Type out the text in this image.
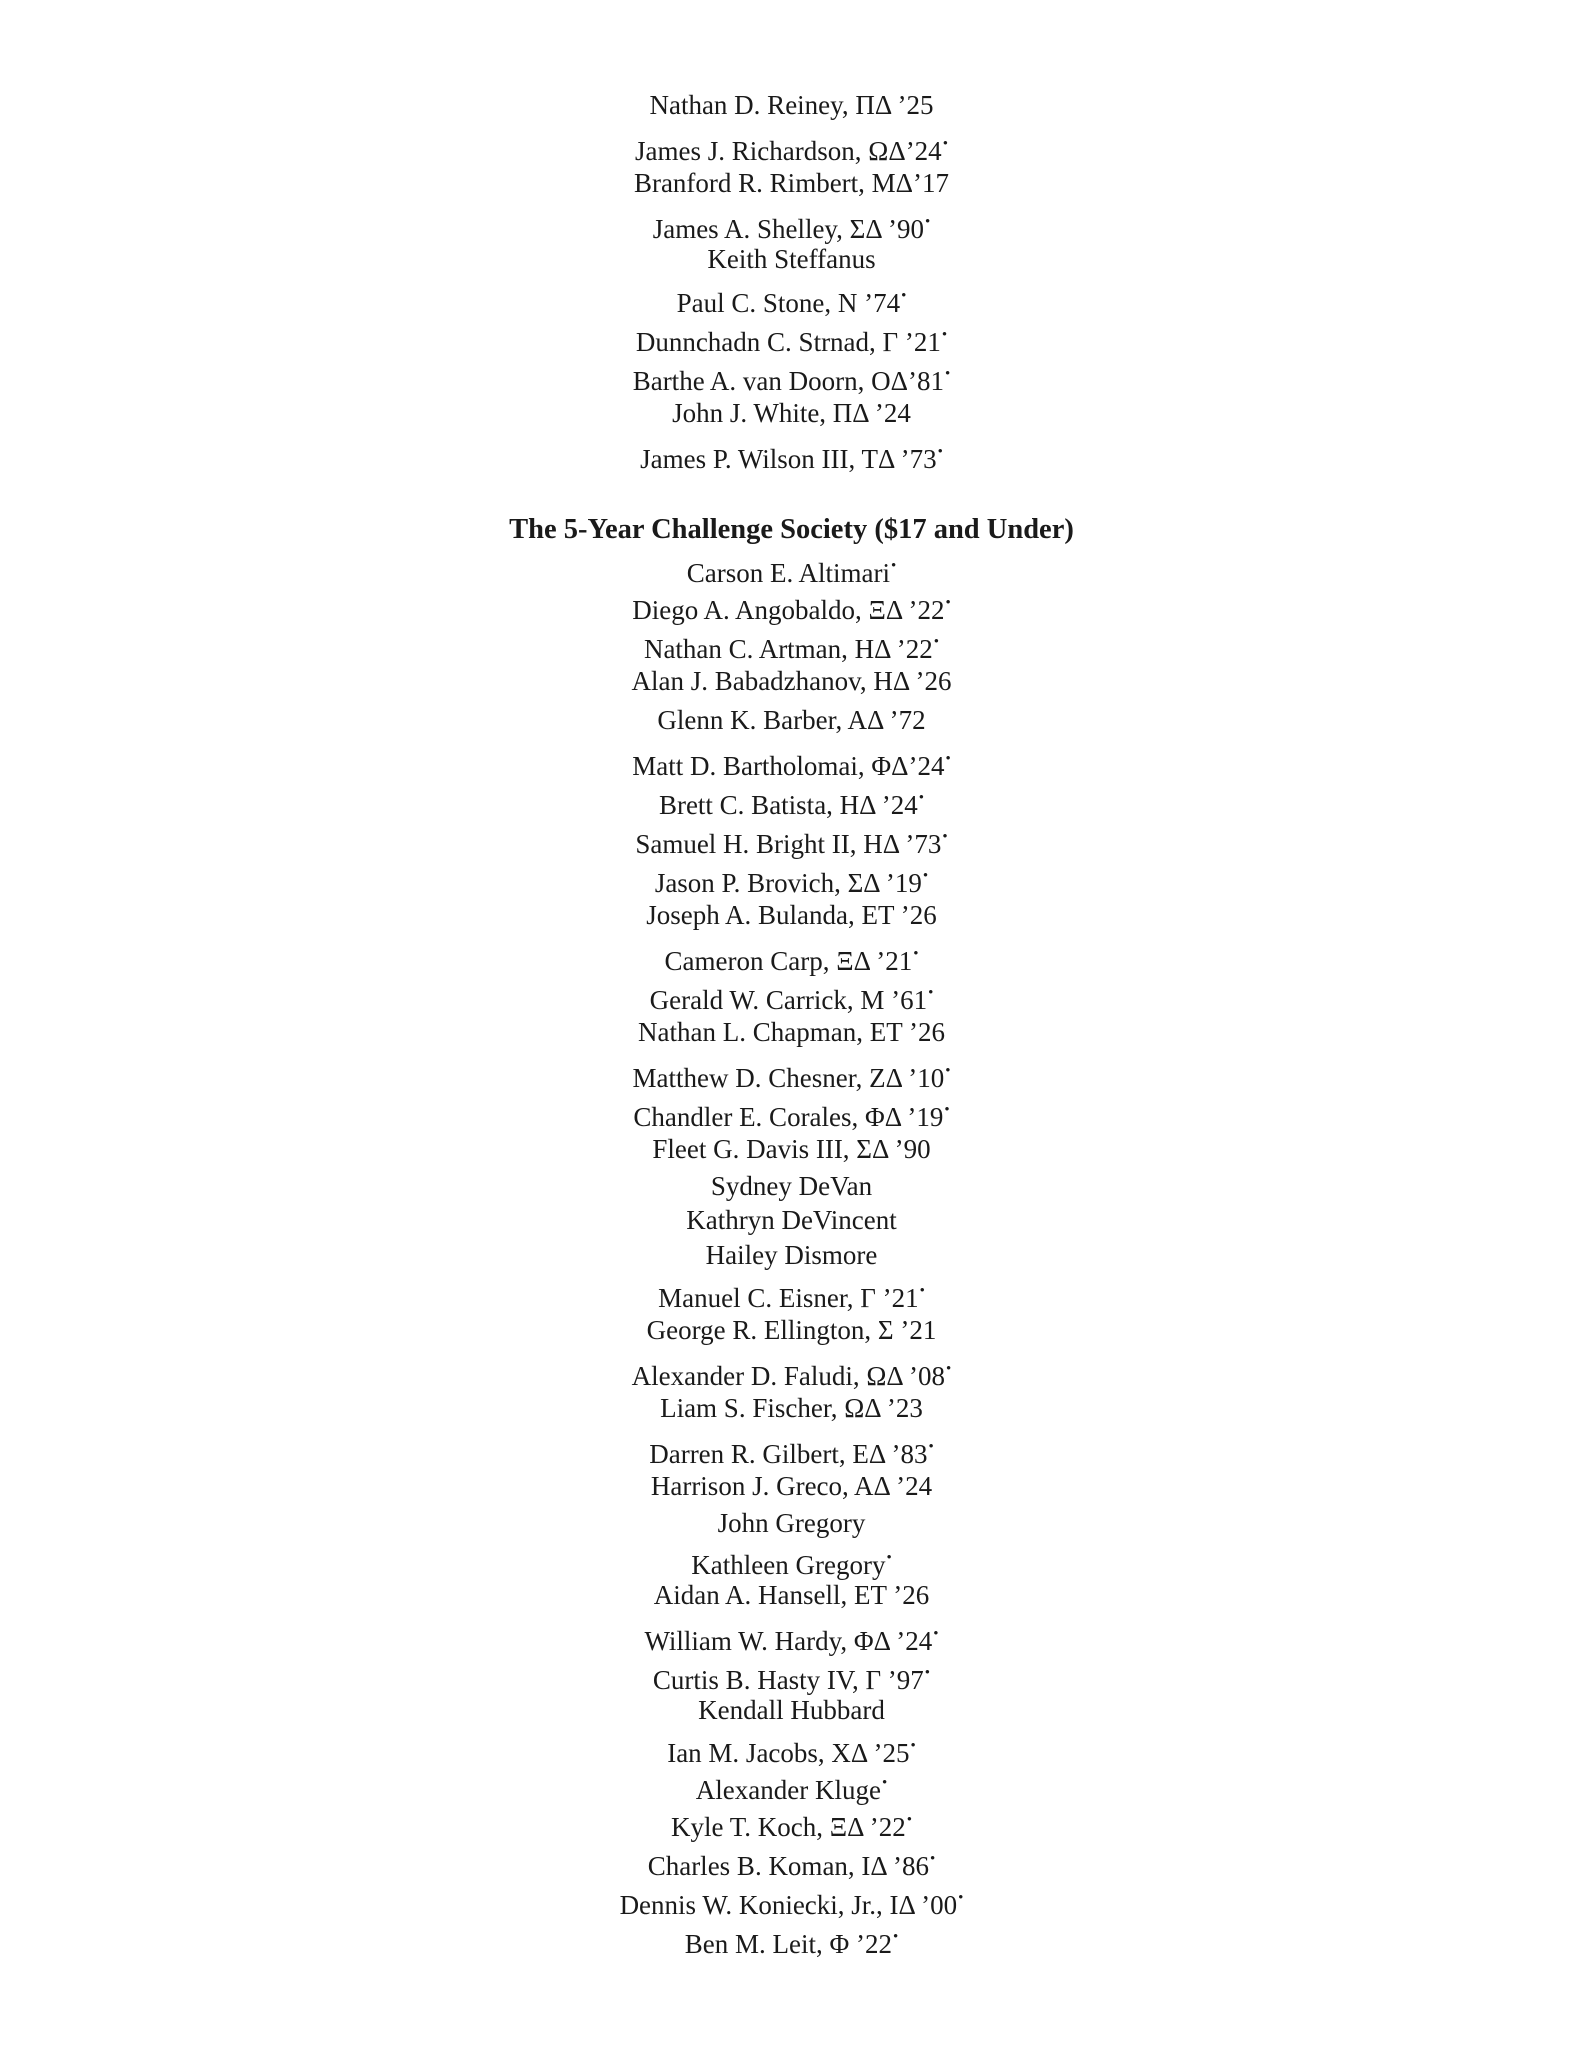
Nathan D. Reiney, ΠΔ ’25
James J. Richardson, ΩΔ’24•
Branford R. Rimbert, MΔ’17
James A. Shelley, ΣΔ ’90•
Keith Steffanus
Paul C. Stone, N ’74•
Dunnchadn C. Strnad, Γ ’21•
Barthe A. van Doorn, OΔ’81•
John J. White, ΠΔ ’24
James P. Wilson III, TΔ ’73•
The 5-Year Challenge Society ($17 and Under)
Carson E. Altimari•
Diego A. Angobaldo, ΞΔ ’22•
Nathan C. Artman, HΔ ’22•
Alan J. Babadzhanov, HΔ ’26
Glenn K. Barber, AΔ ’72
Matt D. Bartholomai, ΦΔ’24•
Brett C. Batista, HΔ ’24•
Samuel H. Bright II, HΔ ’73•
Jason P. Brovich, ΣΔ ’19•
Joseph A. Bulanda, ET ’26
Cameron Carp, ΞΔ ’21•
Gerald W. Carrick, M ’61•
Nathan L. Chapman, ET ’26
Matthew D. Chesner, ZΔ ’10•
Chandler E. Corales, ΦΔ ’19•
Fleet G. Davis III, ΣΔ ’90
Sydney DeVan
Kathryn DeVincent
Hailey Dismore
Manuel C. Eisner, Γ ’21•
George R. Ellington, Σ ’21
Alexander D. Faludi, ΩΔ ’08•
Liam S. Fischer, ΩΔ ’23
Darren R. Gilbert, EΔ ’83•
Harrison J. Greco, AΔ ’24
John Gregory
Kathleen Gregory•
Aidan A. Hansell, ET ’26
William W. Hardy, ΦΔ ’24•
Curtis B. Hasty IV, Γ ’97•
Kendall Hubbard
Ian M. Jacobs, XΔ ’25•
Alexander Kluge•
Kyle T. Koch, ΞΔ ’22•
Charles B. Koman, IΔ ’86•
Dennis W. Koniecki, Jr., IΔ ’00•
Ben M. Leit, Φ ’22•
